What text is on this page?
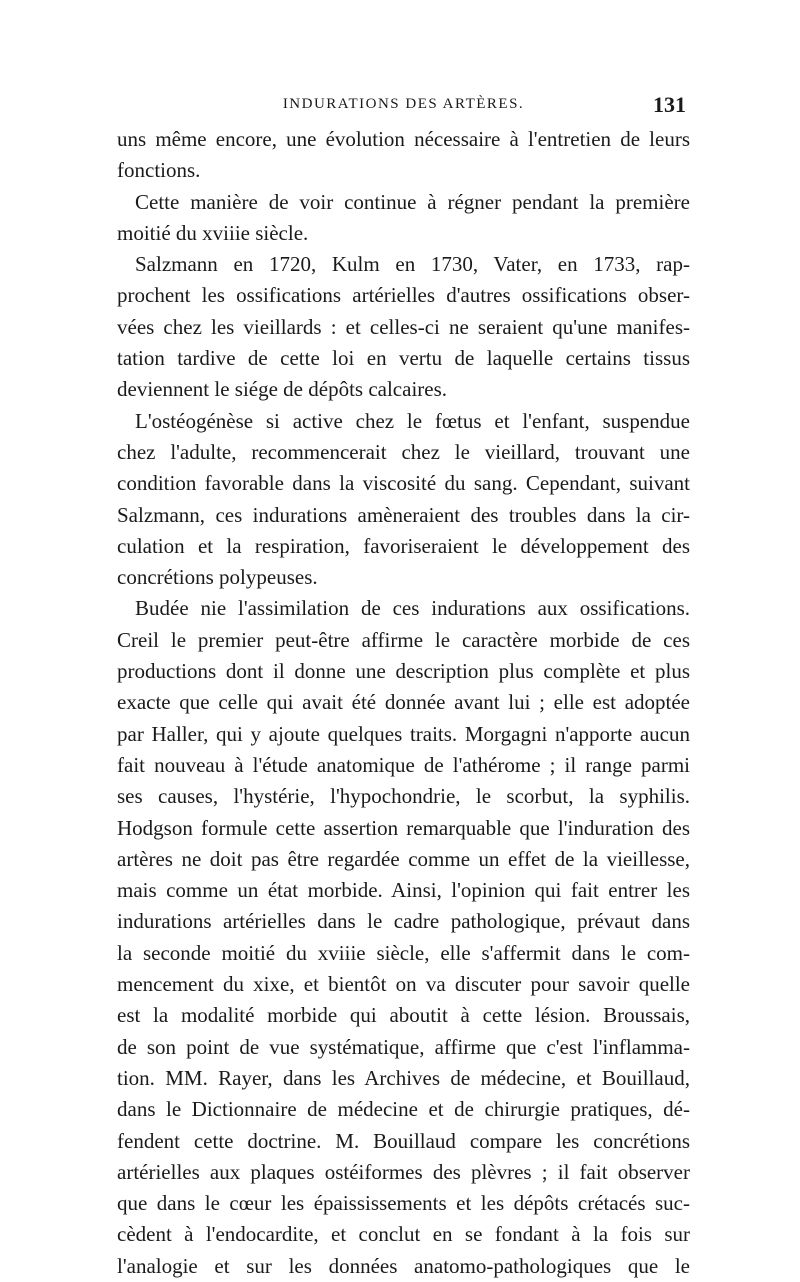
INDURATIONS DES ARTÈRES.	131
uns même encore, une évolution nécessaire à l'entretien de leurs
fonctions.
Cette manière de voir continue à régner pendant la première
moitié du xviiie siècle.
Salzmann en 1720, Kulm en 1730, Vater, en 1733, rap-
prochent les ossifications artérielles d'autres ossifications obser-
vées chez les vieillards : et celles-ci ne seraient qu'une manifes-
tation tardive de cette loi en vertu de laquelle certains tissus
deviennent le siége de dépôts calcaires.
L'ostéogénèse si active chez le fœtus et l'enfant, suspendue
chez l'adulte, recommencerait chez le vieillard, trouvant une
condition favorable dans la viscosité du sang. Cependant, suivant
Salzmann, ces indurations amèneraient des troubles dans la cir-
culation et la respiration, favoriseraient le développement des
concrétions polypeuses.
Budée nie l'assimilation de ces indurations aux ossifications.
Creil le premier peut-être affirme le caractère morbide de ces
productions dont il donne une description plus complète et plus
exacte que celle qui avait été donnée avant lui ; elle est adoptée
par Haller, qui y ajoute quelques traits. Morgagni n'apporte aucun
fait nouveau à l'étude anatomique de l'athérome ; il range parmi
ses causes, l'hystérie, l'hypochondrie, le scorbut, la syphilis.
Hodgson formule cette assertion remarquable que l'induration des
artères ne doit pas être regardée comme un effet de la vieillesse,
mais comme un état morbide. Ainsi, l'opinion qui fait entrer les
indurations artérielles dans le cadre pathologique, prévaut dans
la seconde moitié du xviiie siècle, elle s'affermit dans le com-
mencement du xixe, et bientôt on va discuter pour savoir quelle
est la modalité morbide qui aboutit à cette lésion. Broussais,
de son point de vue systématique, affirme que c'est l'inflamma-
tion. MM. Rayer, dans les Archives de médecine, et Bouillaud,
dans le Dictionnaire de médecine et de chirurgie pratiques, dé-
fendent cette doctrine. M. Bouillaud compare les concrétions
artérielles aux plaques ostéiformes des plèvres ; il fait observer
que dans le cœur les épaississements et les dépôts crétacés suc-
cèdent à l'endocardite, et conclut en se fondant à la fois sur
l'analogie et sur les données anatomo-pathologiques que le
